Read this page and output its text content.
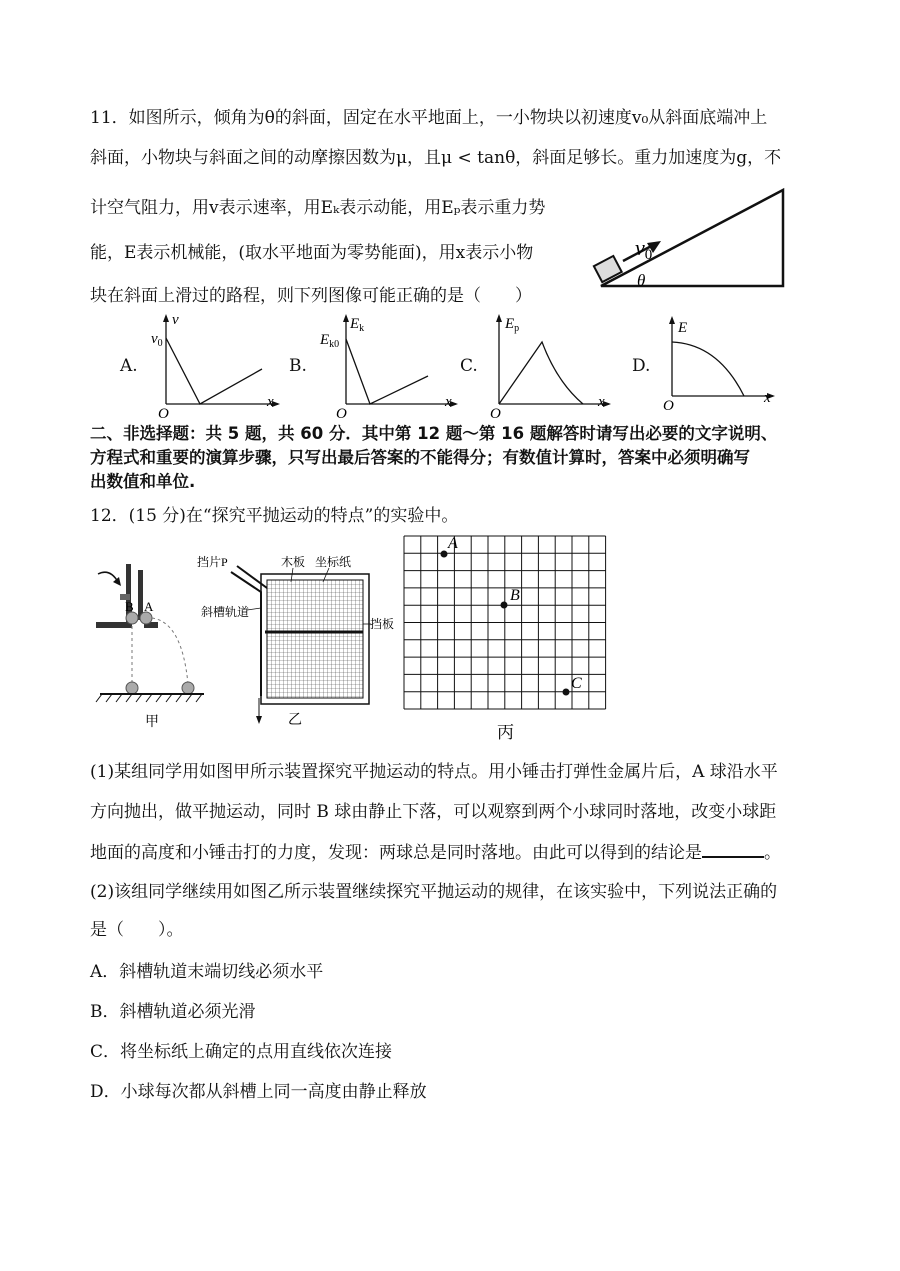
11．如图所示，倾角为θ的斜面，固定在水平地面上，一小物块以初速度v₀从斜面底端冲上
斜面，小物块与斜面之间的动摩擦因数为μ，且μ < tanθ，斜面足够长。重力加速度为g，不
计空气阻力，用v表示速率，用Eₖ表示动能，用Eₚ表示重力势
能，E表示机械能，(取水平地面为零势能面)，用x表示小物
块在斜面上滑过的路程，则下列图像可能正确的是（　　）
v0
θ
A.
v
$v_0$
x
O
B.
$E_k$
$E_{k0}$
x
O
C.
$E_p$
x
O
D.
E
x
O
二、非选择题：共 5 题，共 60 分．其中第 12 题～第 16 题解答时请写出必要的文字说明、
方程式和重要的演算步骤，只写出最后答案的不能得分；有数值计算时，答案中必须明确写
出数值和单位.
12．(15 分)在“探究平抛运动的特点”的实验中。
B A
甲
挡片P	木板 坐标纸
斜槽轨道
挡板
乙
A
B
C
丙
(1)某组同学用如图甲所示装置探究平抛运动的特点。用小锤击打弹性金属片后，A 球沿水平
方向抛出，做平抛运动，同时 B 球由静止下落，可以观察到两个小球同时落地，改变小球距
地面的高度和小锤击打的力度，发现：两球总是同时落地。由此可以得到的结论是	。
(2)该组同学继续用如图乙所示装置继续探究平抛运动的规律，在该实验中，下列说法正确的
是（　　）。
A．斜槽轨道末端切线必须水平
B．斜槽轨道必须光滑
C．将坐标纸上确定的点用直线依次连接
D．小球每次都从斜槽上同一高度由静止释放
